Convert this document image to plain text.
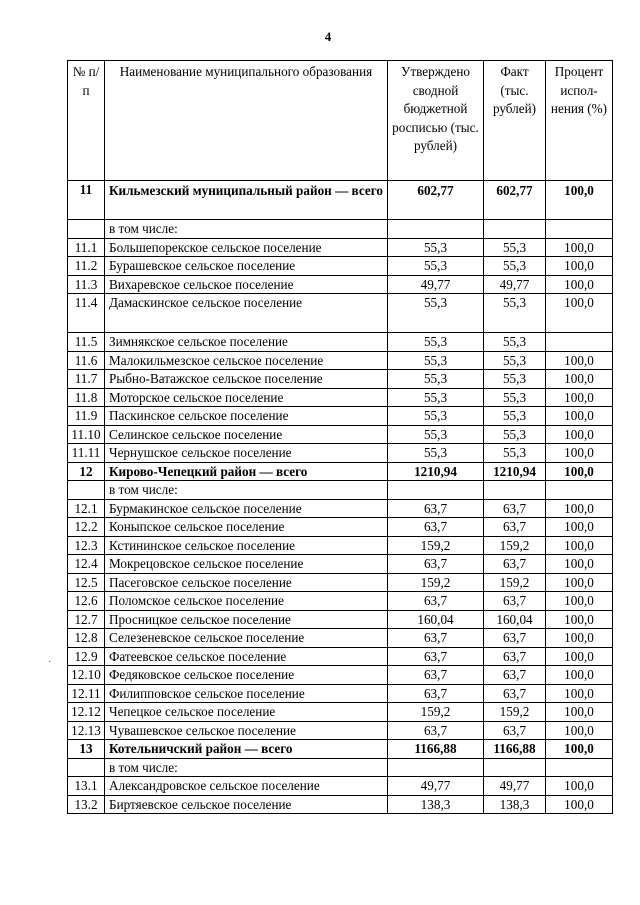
4
№ п/п	Наименование муниципального образования	Утверждено сводной бюджетной росписью (тыс. рублей)	Факт (тыс. рублей)	Процент испол-нения (%)
11	Кильмезский муниципальный район — всего	602,77	602,77	100,0
	в том числе:			
11.1	Большепорекское сельское поселение	55,3	55,3	100,0
11.2	Бурашевское сельское поселение	55,3	55,3	100,0
11.3	Вихаревское сельское поселение	49,77	49,77	100,0
11.4	Дамаскинское сельское поселение	55,3	55,3	100,0
11.5	Зимнякское сельское поселение	55,3	55,3	
11.6	Малокильмезское сельское поселение	55,3	55,3	100,0
11.7	Рыбно-Ватажское сельское поселение	55,3	55,3	100,0
11.8	Моторское сельское поселение	55,3	55,3	100,0
11.9	Паскинское сельское поселение	55,3	55,3	100,0
11.10	Селинское сельское поселение	55,3	55,3	100,0
11.11	Чернушское сельское поселение	55,3	55,3	100,0
12	Кирово-Чепецкий район — всего	1210,94	1210,94	100,0
	в том числе:			
12.1	Бурмакинское сельское поселение	63,7	63,7	100,0
12.2	Коныпское сельское поселение	63,7	63,7	100,0
12.3	Кстининское сельское поселение	159,2	159,2	100,0
12.4	Мокрецовское сельское поселение	63,7	63,7	100,0
12.5	Пасеговское сельское поселение	159,2	159,2	100,0
12.6	Поломское сельское поселение	63,7	63,7	100,0
12.7	Просницкое сельское поселение	160,04	160,04	100,0
12.8	Селезеневское сельское поселение	63,7	63,7	100,0
12.9	Фатеевское сельское поселение	63,7	63,7	100,0
12.10	Федяковское сельское поселение	63,7	63,7	100,0
12.11	Филипповское сельское поселение	63,7	63,7	100,0
12.12	Чепецкое сельское поселение	159,2	159,2	100,0
12.13	Чувашевское сельское поселение	63,7	63,7	100,0
13	Котельничский район — всего	1166,88	1166,88	100,0
	в том числе:			
13.1	Александровское сельское поселение	49,77	49,77	100,0
13.2	Биртяевское сельское поселение	138,3	138,3	100,0
·
